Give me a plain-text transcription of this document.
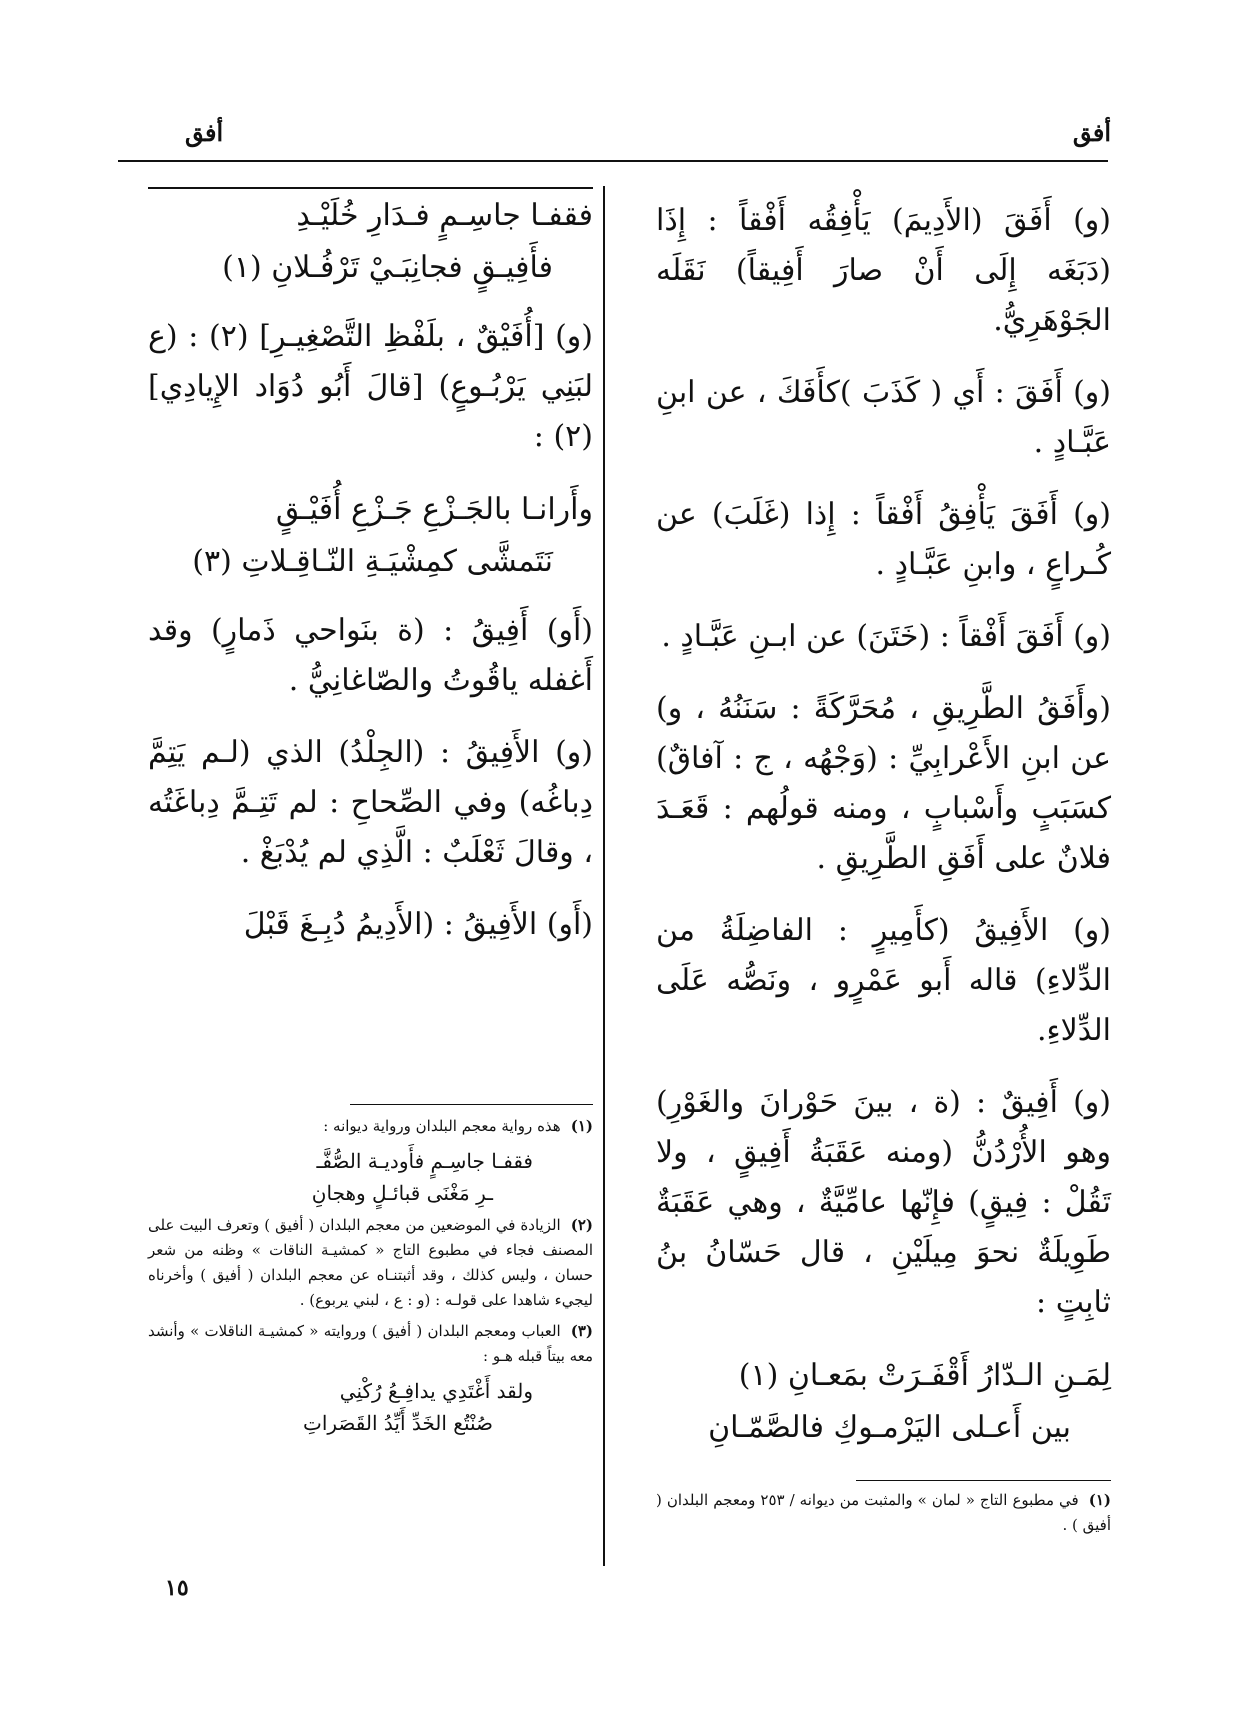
أفق
أفق

(و) أَفَقَ (الأَدِيمَ) يَأْفِقُه أَفْقاً : إِذَا (دَبَغَه إِلَى أَنْ صارَ أَفِيقاً) نَقَلَه الجَوْهَرِيُّ.

(و) أَفَقَ : أَي ( كَذَبَ )كأَفَكَ ، عن ابنِ عَبَّـادٍ .

(و) أَفَقَ يَأْفِقُ أَفْقاً : إِذا (غَلَبَ) عن كُـراعٍ ، وابنِ عَبَّـادٍ .

(و) أَفَقَ أَفْقاً : (خَتَنَ) عن ابـنِ عَبَّـادٍ .

(وأَفَقُ الطَّرِيقِ ، مُحَرَّكَةً : سَنَنُهُ ، و) عن ابنِ الأَعْرابِيِّ : (وَجْهُه ، ج : آفاقٌ) كسَبَبٍ وأَسْبابٍ ، ومنه قولُهم : قَعَـدَ فلانٌ على أَفَقِ الطَّرِيقِ .

(و) الأَفِيقُ (كأَمِيرٍ : الفاضِلَةُ من الدِّلاءِ) قاله أَبو عَمْرٍو ، ونَصُّه عَلَى الدِّلاءِ.

(و) أَفِيقٌ : (ة ، بينَ حَوْرانَ والغَوْرِ) وهو الأُرْدُنُّ (ومنه عَقَبَةُ أَفِيقٍ ، ولا تَقُلْ : فِيقٍ) فإِنّها عامِّيَّةٌ ، وهي عَقَبَةٌ طَوِيلَةٌ نحوَ مِيلَيْنِ ، قال حَسّانُ بنُ ثابِتٍ :

لِمَـنِ الـدّارُ أَقْفَـرَتْ بمَعـانِ (١)
بين أَعـلى اليَرْمـوكِ فالصَّمّـانِ
فقفـا جاسِـمٍ فـدَارِ خُلَيْـدِ
فأَفِيـقٍ فجانِبَـيْ تَرْفُـلانِ (١)

(و) [أُفَيْقٌ ، بلَفْظِ التَّصْغِيـرِ] (٢) : (ع لبَنِي يَرْبُـوعٍ) [قالَ أَبُو دُوَاد الإِيادِي] (٢) :

وأَرانـا بالجَـزْعِ جَـزْعِ أُفَيْـقٍ
نَتَمشَّى كمِشْيَـةِ النّـاقِـلاتِ (٣)

(أَو) أَفِيقُ : (ة بنَواحي ذَمارٍ) وقد أَغفله ياقُوتُ والصّاغانِيُّ .

(و) الأَفِيقُ : (الجِلْدُ) الذي (لـم يَتِمَّ دِباغُه) وفي الصِّحاحِ : لم تَتِـمَّ دِباغَتُه ، وقالَ ثَعْلَبٌ : الَّذِي لم يُدْبَغْ .

(أَو) الأَفِيقُ : (الأَدِيمُ دُبِـغَ قَبْلَ

(١)هذه رواية معجم البلدان ورواية ديوانه :

فقفـا جاسِـمٍ فأَوديـة الصُّفَّـ
ـرِ مَغْنَى قبائـلٍ وهجانِ

(٢)الزيادة في الموضعين من معجم البلدان ( أفيق ) وتعرف البيت على المصنف فجاء في مطبوع التاج « كمشيـة الناقات » وظنه من شعر حسان ، وليس كذلك ، وقد أثبتنـاه عن معجم البلدان ( أفيق ) وأخرناه ليجيء شاهدا على قولـه : (و : ع ، لبني يربوع) .

(٣)العباب ومعجم البلدان ( أفيق ) وروايته « كمشيـة الناقلات » وأنشد معه بيتاً قبله هـو :

ولقد أَغْتَدِي يدافِـعُ رُكْنِي
صُنْتُع الخَدِّ أَيِّدُ القَصَراتِ

(١)في مطبوع التاج « لمان » والمثبت من ديوانه / ٢٥٣ ومعجم البلدان ( أفيق ) .

١٥
